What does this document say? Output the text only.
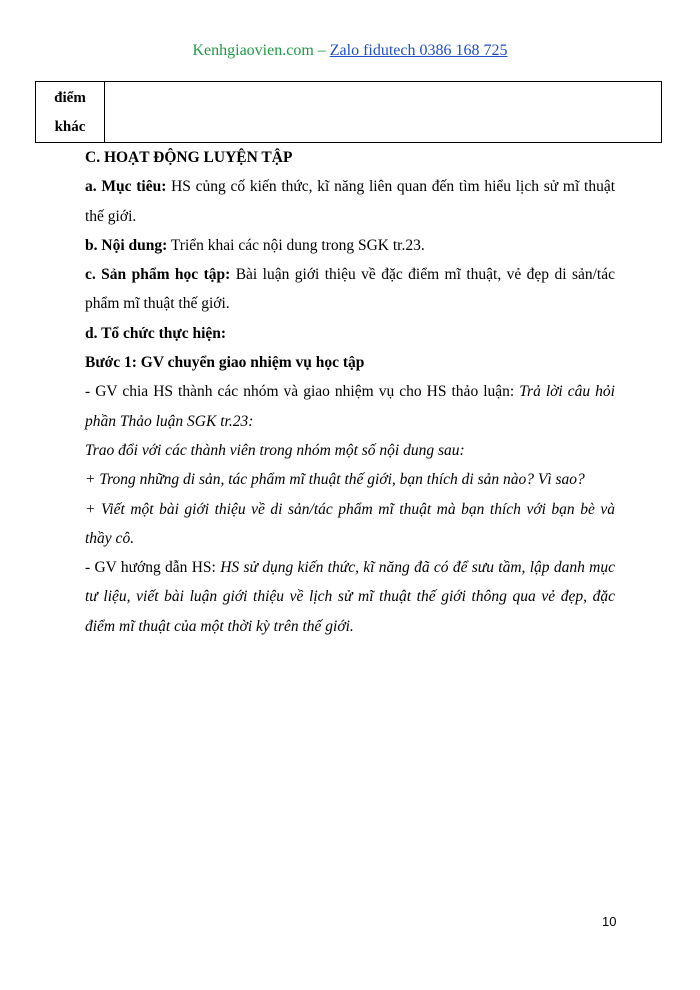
Kenhgiaovien.com – Zalo fidutech 0386 168 725
điểm
khác

C. HOẠT ĐỘNG LUYỆN TẬP

a. Mục tiêu: HS củng cố kiến thức, kĩ năng liên quan đến tìm hiểu lịch sử mĩ thuật thế giới.

b. Nội dung: Triển khai các nội dung trong SGK tr.23.

c. Sản phẩm học tập: Bài luận giới thiệu về đặc điểm mĩ thuật, vẻ đẹp di sản/tác phẩm mĩ thuật thế giới.

d. Tổ chức thực hiện:

Bước 1: GV chuyển giao nhiệm vụ học tập

- GV chia HS thành các nhóm và giao nhiệm vụ cho HS thảo luận: Trả lời câu hỏi phần Thảo luận SGK tr.23:

Trao đổi với các thành viên trong nhóm một số nội dung sau:

+ Trong những di sản, tác phẩm mĩ thuật thế giới, bạn thích di sản nào? Vì sao?

+ Viết một bài giới thiệu về di sản/tác phẩm mĩ thuật mà bạn thích với bạn bè và thầy cô.

- GV hướng dẫn HS: HS sử dụng kiến thức, kĩ năng đã có để sưu tầm, lập danh mục tư liệu, viết bài luận giới thiệu về lịch sử mĩ thuật thế giới thông qua vẻ đẹp, đặc điểm mĩ thuật của một thời kỳ trên thế giới.

10
